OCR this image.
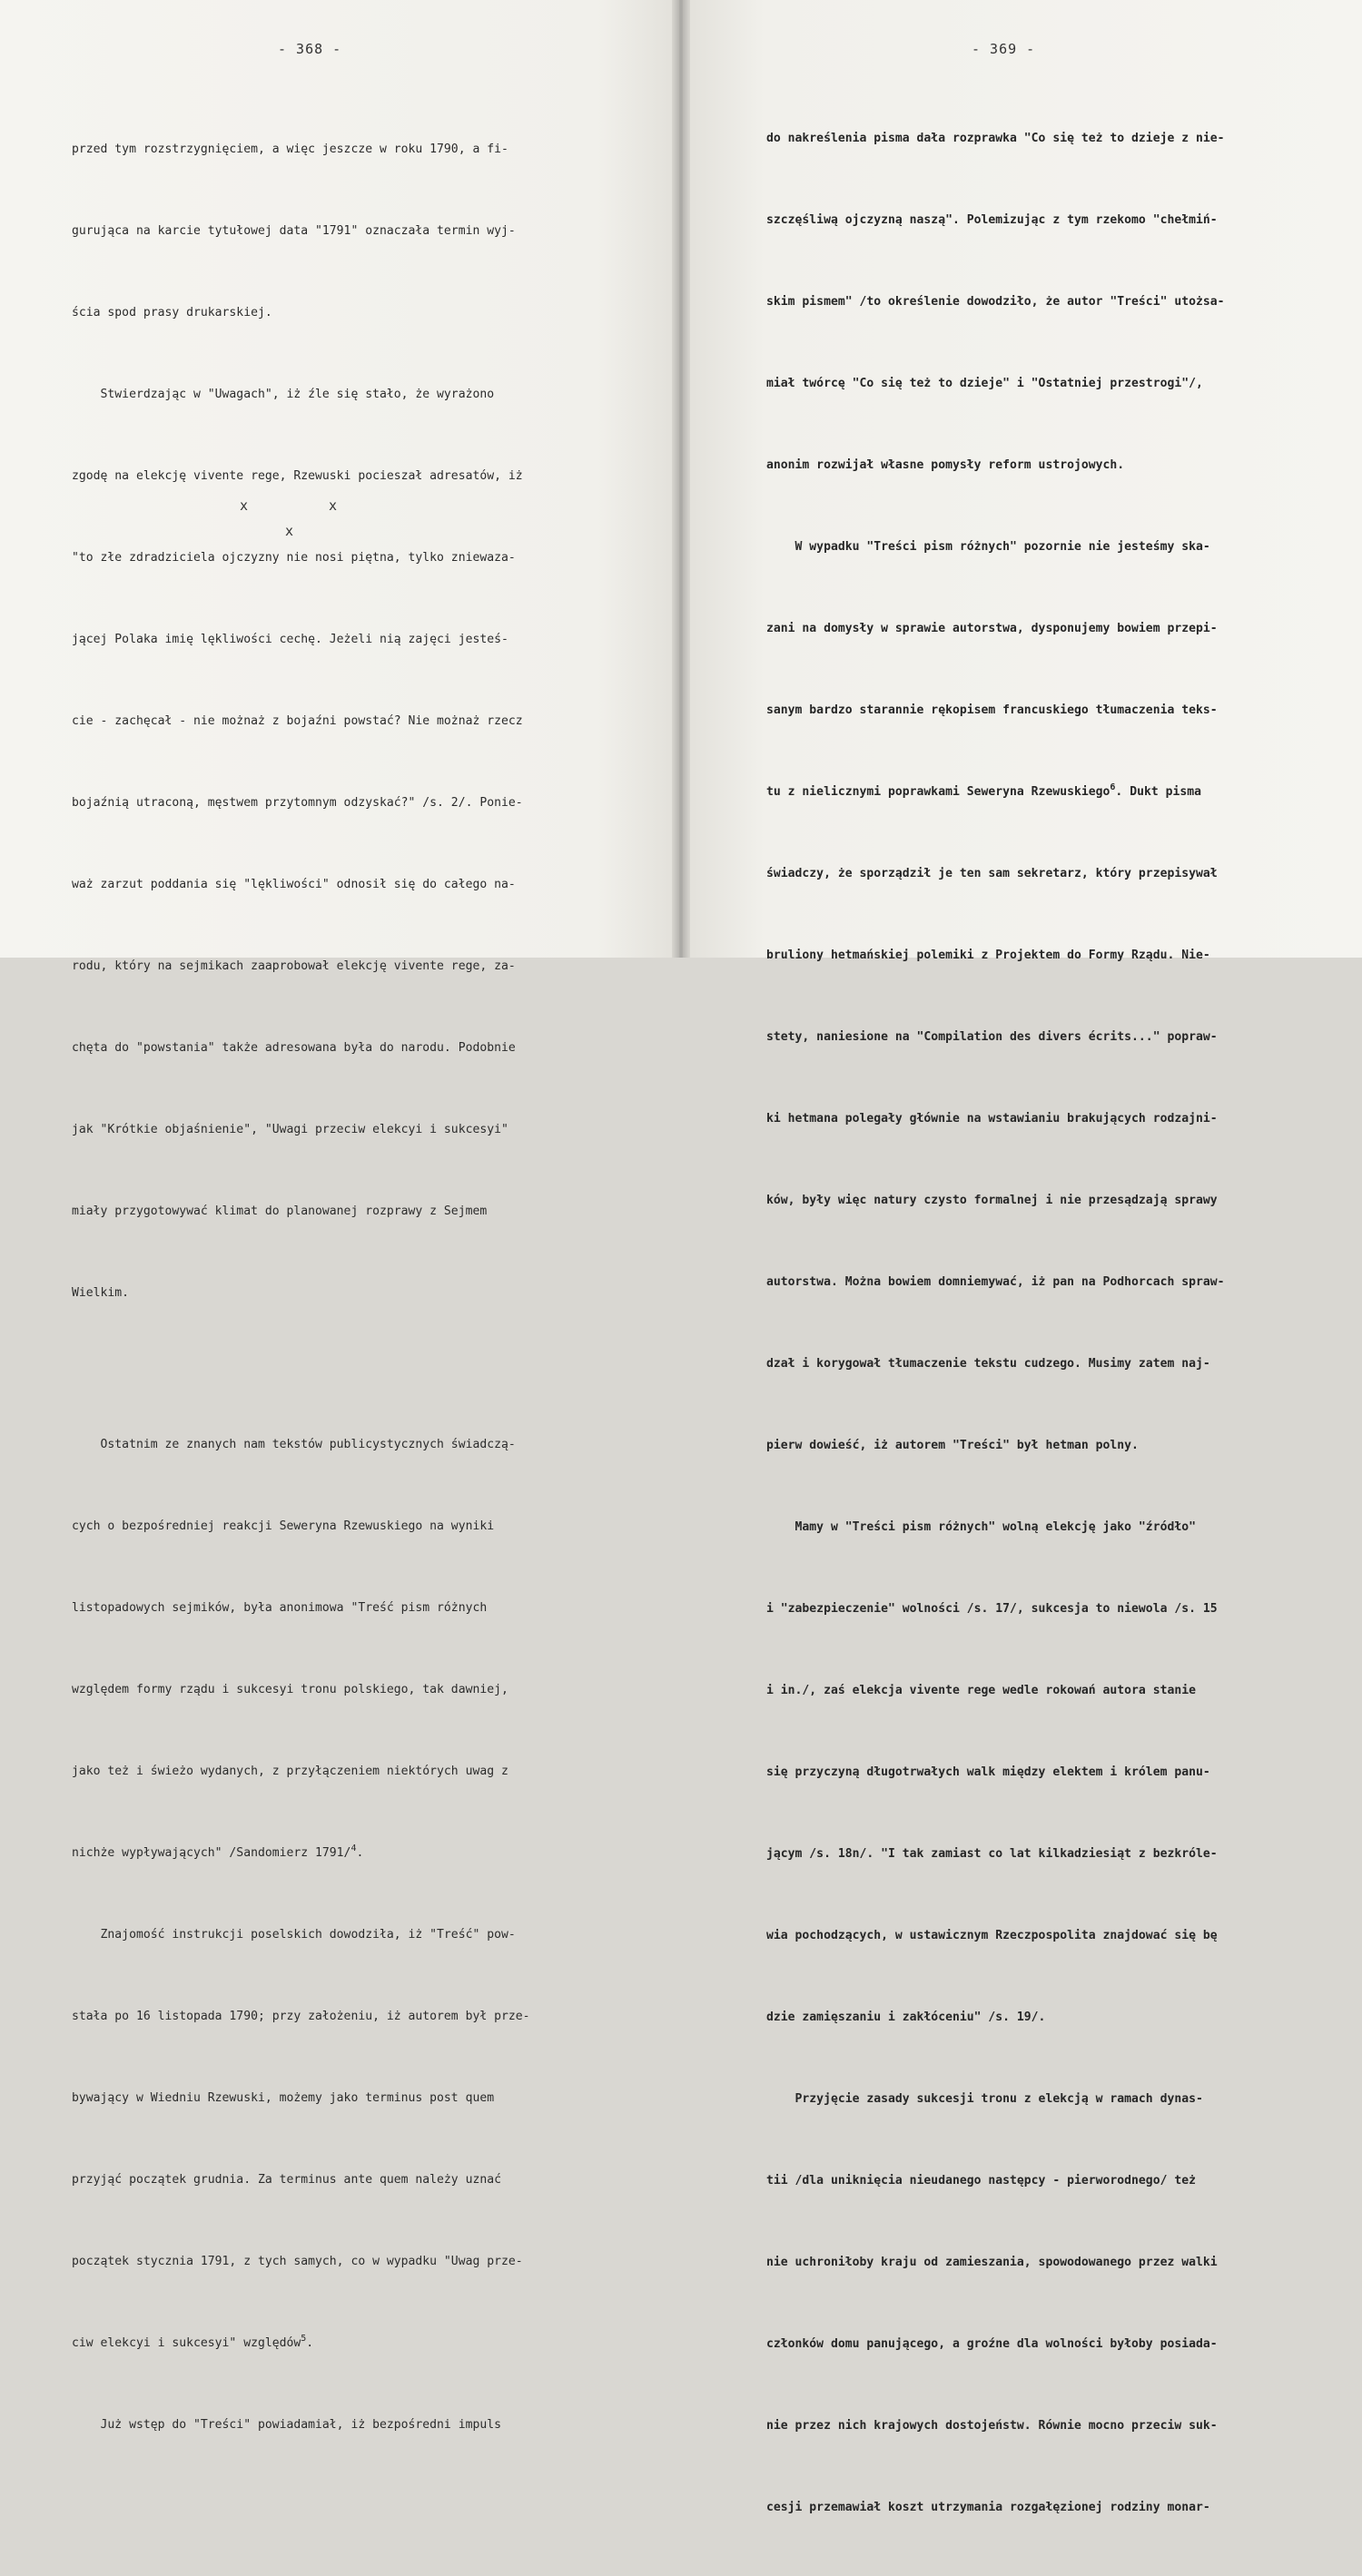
- 368 -

przed tym rozstrzygnięciem, a więc jeszcze w roku 1790, a fi-

gurująca na karcie tytułowej data "1791" oznaczała termin wyj-

ścia spod prasy drukarskiej.

Stwierdzając w "Uwagach", iż źle się stało, że wyrażono

zgodę na elekcję vivente rege, Rzewuski pocieszał adresatów, iż

"to złe zdradziciela ojczyzny nie nosi piętna, tylko zniewaza-

jącej Polaka imię lękliwości cechę. Jeżeli nią zajęci jesteś-

cie - zachęcał - nie możnaż z bojaźni powstać? Nie możnaż rzecz

bojaźnią utraconą, męstwem przytomnym odzyskać?" /s. 2/. Ponie-

waż zarzut poddania się "lękliwości" odnosił się do całego na-

rodu, który na sejmikach zaaprobował elekcję vivente rege, za-

chęta do "powstania" także adresowana była do narodu. Podobnie

jak "Krótkie objaśnienie", "Uwagi przeciw elekcyi i sukcesyi"

miały przygotowywać klimat do planowanej rozprawy z Sejmem

Wielkim.

Ostatnim ze znanych nam tekstów publicystycznych świadczą-

cych o bezpośredniej reakcji Seweryna Rzewuskiego na wyniki

listopadowych sejmików, była anonimowa "Treść pism różnych

względem formy rządu i sukcesyi tronu polskiego, tak dawniej,

jako też i świeżo wydanych, z przyłączeniem niektórych uwag z

nichże wypływających" /Sandomierz 1791/$^4$.

Znajomość instrukcji poselskich dowodziła, iż "Treść" pow-

stała po 16 listopada 1790; przy założeniu, iż autorem był prze-

bywający w Wiedniu Rzewuski, możemy jako terminus post quem

przyjąć początek grudnia. Za terminus ante quem należy uznać

początek stycznia 1791, z tych samych, co w wypadku "Uwag prze-

ciw elekcyi i sukcesyi" względów$^5$.

Już wstęp do "Treści" powiadamiał, iż bezpośredni impuls

x	x
x
- 369 -

do nakreślenia pisma dała rozprawka "Co się też to dzieje z nie-

szczęśliwą ojczyzną naszą". Polemizując z tym rzekomo "chełmiń-

skim pismem" /to określenie dowodziło, że autor "Treści" utożsa-

miał twórcę "Co się też to dzieje" i "Ostatniej przestrogi"/,

anonim rozwijał własne pomysły reform ustrojowych.

W wypadku "Treści pism różnych" pozornie nie jesteśmy ska-

zani na domysły w sprawie autorstwa, dysponujemy bowiem przepi-

sanym bardzo starannie rękopisem francuskiego tłumaczenia teks-

tu z nielicznymi poprawkami Seweryna Rzewuskiego$^6$. Dukt pisma

świadczy, że sporządził je ten sam sekretarz, który przepisywał

bruliony hetmańskiej polemiki z Projektem do Formy Rządu. Nie-

stety, naniesione na "Compilation des divers écrits..." popraw-

ki hetmana polegały głównie na wstawianiu brakujących rodzajni-

ków, były więc natury czysto formalnej i nie przesądzają sprawy

autorstwa. Można bowiem domniemywać, iż pan na Podhorcach spraw-

dzał i korygował tłumaczenie tekstu cudzego. Musimy zatem naj-

pierw dowieść, iż autorem "Treści" był hetman polny.

Mamy w "Treści pism różnych" wolną elekcję jako "źródło"

i "zabezpieczenie" wolności /s. 17/, sukcesja to niewola /s. 15

i in./, zaś elekcja vivente rege wedle rokowań autora stanie

się przyczyną długotrwałych walk między elektem i królem panu-

jącym /s. 18n/. "I tak zamiast co lat kilkadziesiąt z bezkróle-

wia pochodzących, w ustawicznym Rzeczpospolita znajdować się bę

dzie zamięszaniu i zakłóceniu" /s. 19/.

Przyjęcie zasady sukcesji tronu z elekcją w ramach dynas-

tii /dla uniknięcia nieudanego następcy - pierworodnego/ też

nie uchroniłoby kraju od zamieszania, spowodowanego przez walki

członków domu panującego, a groźne dla wolności byłoby posiada-

nie przez nich krajowych dostojeństw. Równie mocno przeciw suk-

cesji przemawiał koszt utrzymania rozgałęzionej rodziny monar-
